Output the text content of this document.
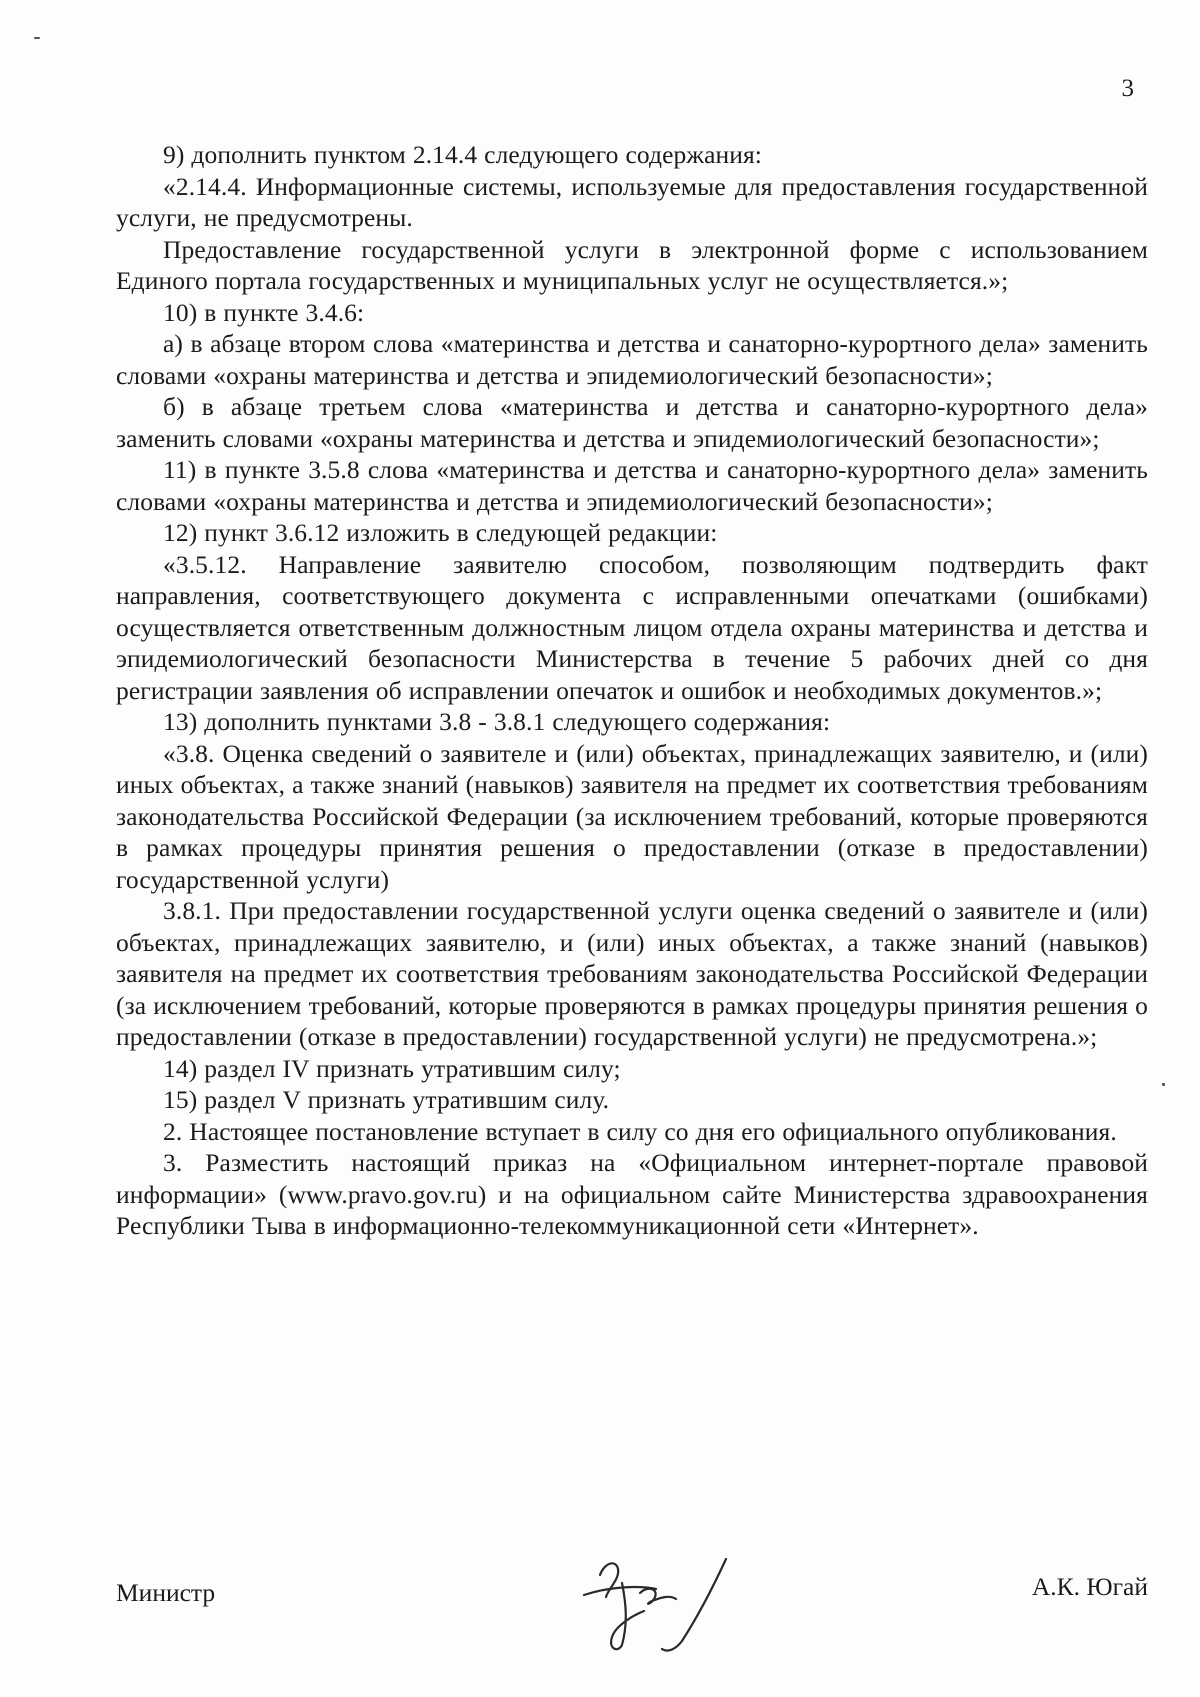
3

9) дополнить пунктом 2.14.4 следующего содержания:

«2.14.4. Информационные системы, используемые для предоставления государственной услуги, не предусмотрены.

Предоставление государственной услуги в электронной форме с использованием Единого портала государственных и муниципальных услуг не осуществляется.»;

10) в пункте 3.4.6:

а) в абзаце втором слова «материнства и детства и санаторно-курортного дела» заменить словами «охраны материнства и детства и эпидемиологический безопасности»;

б) в абзаце третьем слова «материнства и детства и санаторно-курортного дела» заменить словами «охраны материнства и детства и эпидемиологический безопасности»;

11) в пункте 3.5.8 слова «материнства и детства и санаторно-курортного дела» заменить словами «охраны материнства и детства и эпидемиологический безопасности»;

12) пункт 3.6.12 изложить в следующей редакции:

«3.5.12. Направление заявителю способом, позволяющим подтвердить факт направления, соответствующего документа с исправленными опечатками (ошибками) осуществляется ответственным должностным лицом отдела охраны материнства и детства и эпидемиологический безопасности Министерства в течение 5 рабочих дней со дня регистрации заявления об исправлении опечаток и ошибок и необходимых документов.»;

13) дополнить пунктами 3.8 - 3.8.1 следующего содержания:

«3.8. Оценка сведений о заявителе и (или) объектах, принадлежащих заявителю, и (или) иных объектах, а также знаний (навыков) заявителя на предмет их соответствия требованиям законодательства Российской Федерации (за исключением требований, которые проверяются в рамках процедуры принятия решения о предоставлении (отказе в предоставлении) государственной услуги)

3.8.1. При предоставлении государственной услуги оценка сведений о заявителе и (или) объектах, принадлежащих заявителю, и (или) иных объектах, а также знаний (навыков) заявителя на предмет их соответствия требованиям законодательства Российской Федерации (за исключением требований, которые проверяются в рамках процедуры принятия решения о предоставлении (отказе в предоставлении) государственной услуги) не предусмотрена.»;

14) раздел IV признать утратившим силу;

15) раздел V признать утратившим силу.

2. Настоящее постановление вступает в силу со дня его официального опубликования.

3. Разместить настоящий приказ на «Официальном интернет-портале правовой информации» (www.pravo.gov.ru) и на официальном сайте Министерства здравоохранения Республики Тыва в информационно-телекоммуникационной сети «Интернет».

Министр	А.К. Югай
